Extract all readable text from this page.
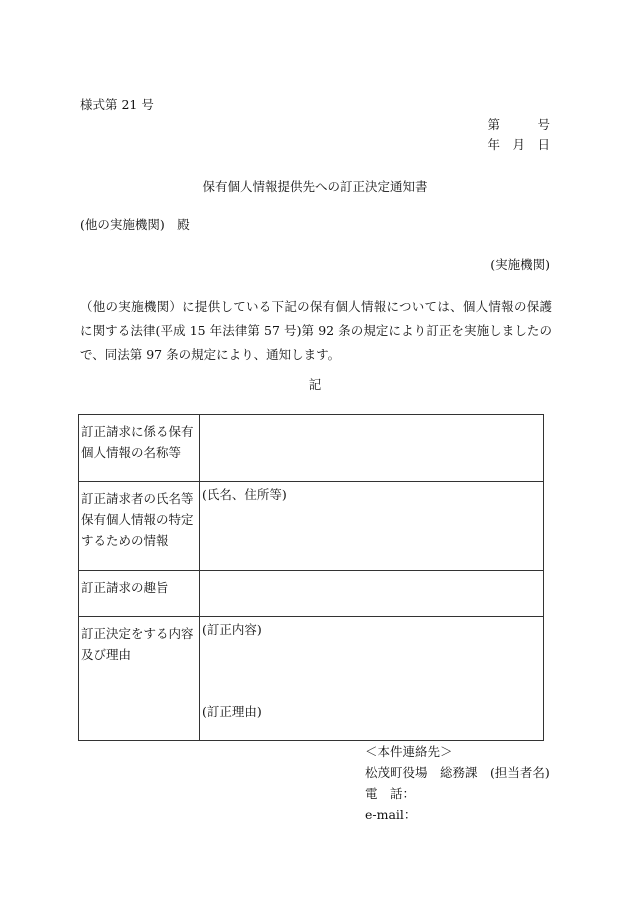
様式第 21 号
第　　　号
年　月　日
保有個人情報提供先への訂正決定通知書
(他の実施機関)　殿
(実施機関)
（他の実施機関）に提供している下記の保有個人情報については、個人情報の保護に関する法律(平成 15 年法律第 57 号)第 92 条の規定により訂正を実施しましたので、同法第 97 条の規定により、通知します。
記
訂正請求に係る保有個人情報の名称等	
訂正請求者の氏名等保有個人情報の特定するための情報	(氏名、住所等)
訂正請求の趣旨	
訂正決定をする内容及び理由	(訂正内容)
(訂正理由)
＜本件連絡先＞
松茂町役場　総務課　(担当者名)
電　話：
e-mail：
